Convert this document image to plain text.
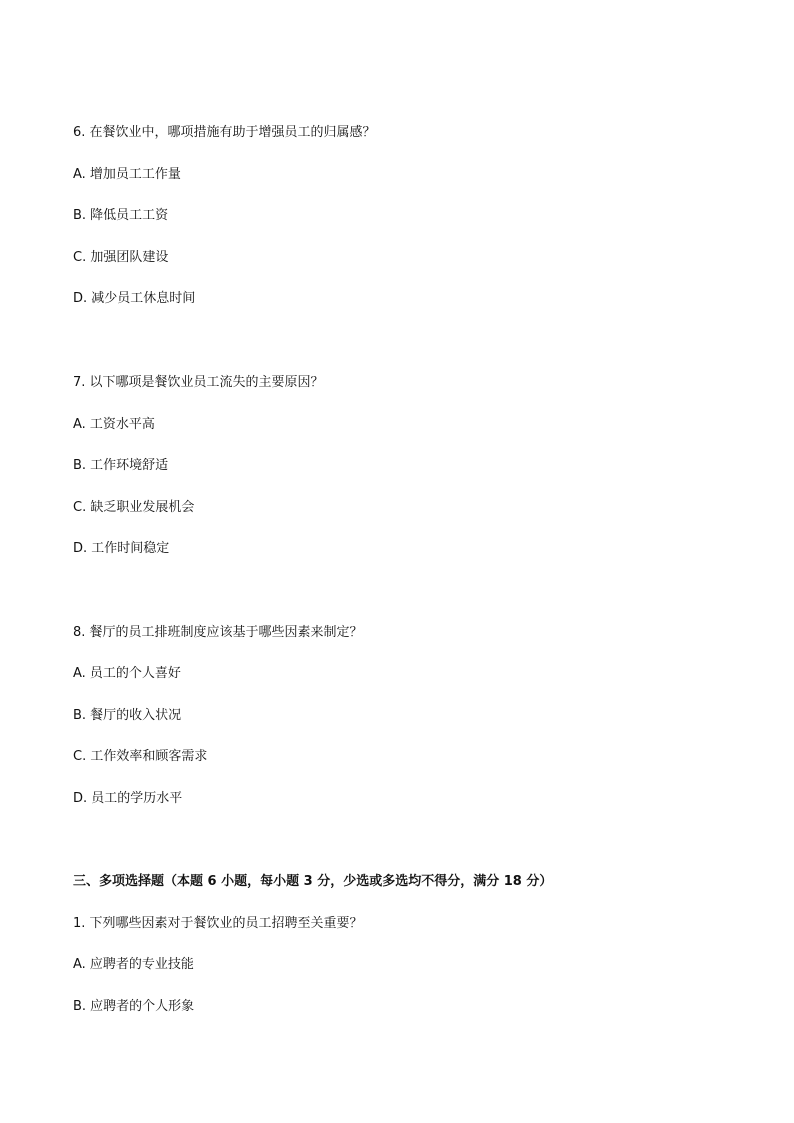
6. 在餐饮业中，哪项措施有助于增强员工的归属感？
A. 增加员工工作量
B. 降低员工工资
C. 加强团队建设
D. 减少员工休息时间
7. 以下哪项是餐饮业员工流失的主要原因？
A. 工资水平高
B. 工作环境舒适
C. 缺乏职业发展机会
D. 工作时间稳定
8. 餐厅的员工排班制度应该基于哪些因素来制定？
A. 员工的个人喜好
B. 餐厅的收入状况
C. 工作效率和顾客需求
D. 员工的学历水平
三、多项选择题（本题 6 小题，每小题 3 分，少选或多选均不得分，满分 18 分）
1. 下列哪些因素对于餐饮业的员工招聘至关重要？
A. 应聘者的专业技能
B. 应聘者的个人形象
